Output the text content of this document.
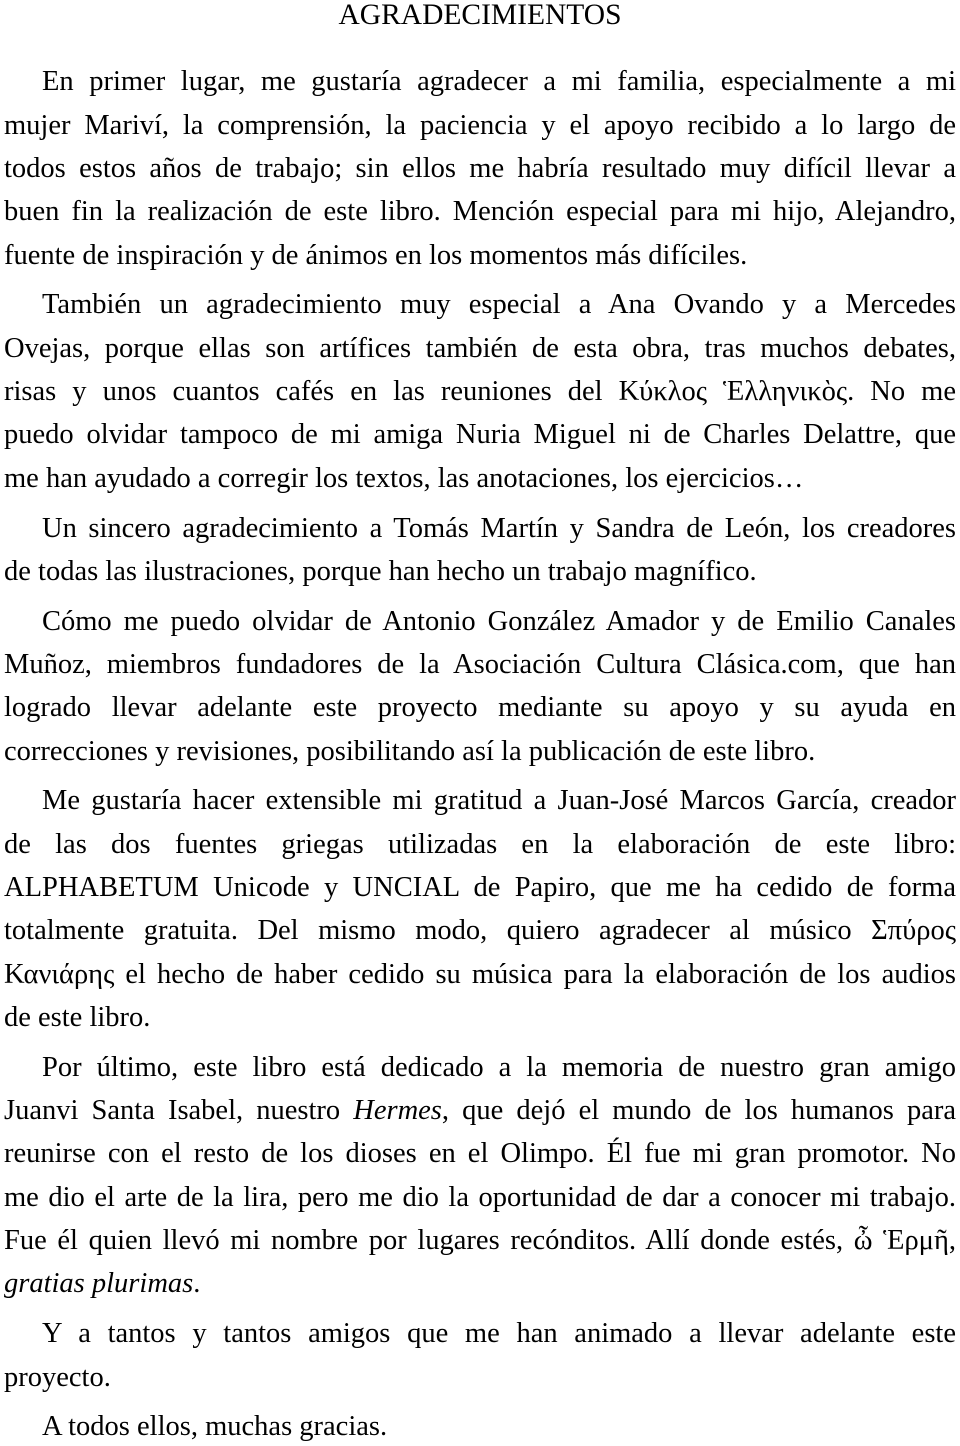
AGRADECIMIENTOS
En primer lugar, me gustaría agradecer a mi familia, especialmente a mi
mujer Mariví, la comprensión, la paciencia y el apoyo recibido a lo largo de
todos estos años de trabajo; sin ellos me habría resultado muy difícil llevar a
buen fin la realización de este libro. Mención especial para mi hijo, Alejandro,
fuente de inspiración y de ánimos en los momentos más difíciles.
También un agradecimiento muy especial a Ana Ovando y a Mercedes
Ovejas, porque ellas son artífices también de esta obra, tras muchos debates,
risas y unos cuantos cafés en las reuniones del Κύκλος Ἑλληνικὸς. No me
puedo olvidar tampoco de mi amiga Nuria Miguel ni de Charles Delattre, que
me han ayudado a corregir los textos, las anotaciones, los ejercicios…
Un sincero agradecimiento a Tomás Martín y Sandra de León, los creadores
de todas las ilustraciones, porque han hecho un trabajo magnífico.
Cómo me puedo olvidar de Antonio González Amador y de Emilio Canales
Muñoz, miembros fundadores de la Asociación Cultura Clásica.com, que han
logrado llevar adelante este proyecto mediante su apoyo y su ayuda en
correcciones y revisiones, posibilitando así la publicación de este libro.
Me gustaría hacer extensible mi gratitud a Juan-José Marcos García, creador
de las dos fuentes griegas utilizadas en la elaboración de este libro:
ALPHABETUM Unicode y UNCIAL de Papiro, que me ha cedido de forma
totalmente gratuita. Del mismo modo, quiero agradecer al músico Σπύρος
Κανιάρης el hecho de haber cedido su música para la elaboración de los audios
de este libro.
Por último, este libro está dedicado a la memoria de nuestro gran amigo
Juanvi Santa Isabel, nuestro Hermes, que dejó el mundo de los humanos para
reunirse con el resto de los dioses en el Olimpo. Él fue mi gran promotor. No
me dio el arte de la lira, pero me dio la oportunidad de dar a conocer mi trabajo.
Fue él quien llevó mi nombre por lugares recónditos. Allí donde estés, ὦ Ἑρμῆ,
gratias plurimas.
Y a tantos y tantos amigos que me han animado a llevar adelante este
proyecto.
A todos ellos, muchas gracias.
